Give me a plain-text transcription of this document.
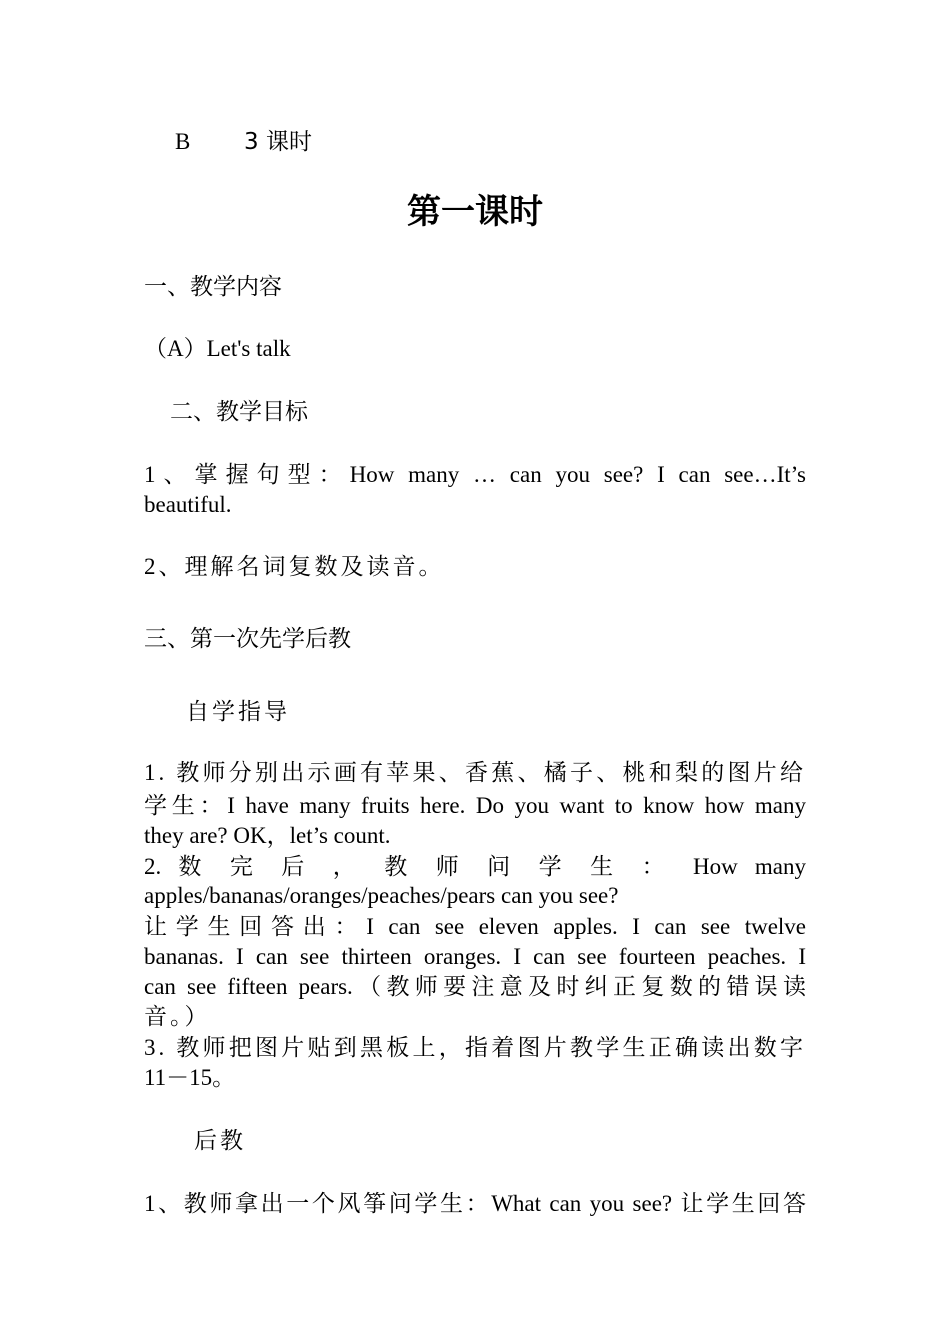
B 3 课时

第一课时

一、教学内容

（A）Let's talk

二、教学目标

1、掌握句型：How many … can you see? I can see…It’s

beautiful.

2、理解名词复数及读音。

三、第一次先学后教

自学指导

1. 教师分别出示画有苹果、香蕉、橘子、桃和梨的图片给

学生：I have many fruits here. Do you want to know how many

they are? OK，let’s count.

2. 数 完 后 ， 教 师 问 学 生 ： How many

apples/bananas/oranges/peaches/pears can you see?

让学生回答出：I can see eleven apples. I can see twelve

bananas. I can see thirteen oranges. I can see fourteen peaches. I

can see fifteen pears.（教师要注意及时纠正复数的错误读

音。）

3. 教师把图片贴到黑板上，指着图片教学生正确读出数字

11－15。

后教

1、教师拿出一个风筝问学生：What can you see? 让学生回答
